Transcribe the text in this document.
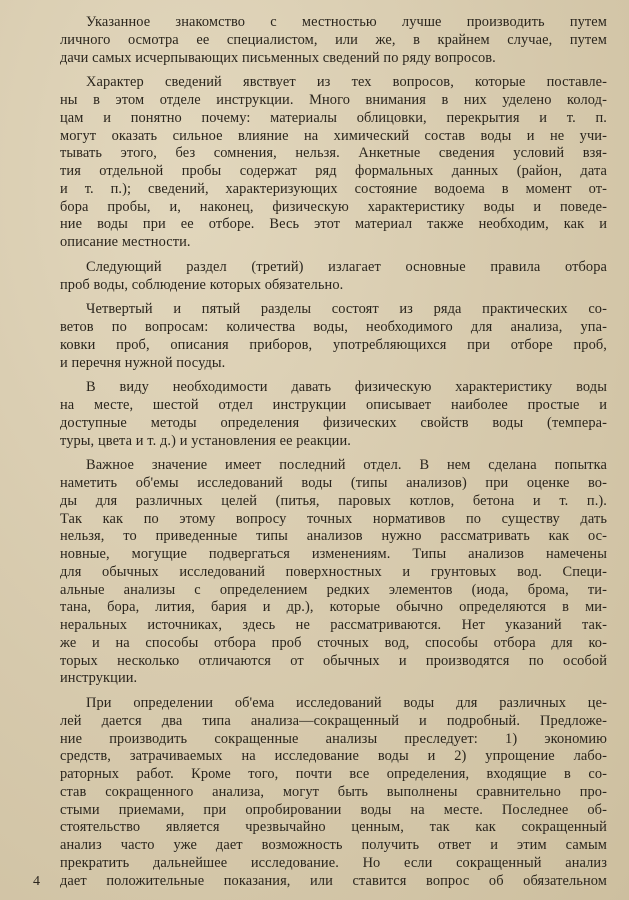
Указанное знакомство с местностью лучше производить путем
личного осмотра ее специалистом, или же, в крайнем случае, путем
дачи самых исчерпывающих письменных сведений по ряду вопросов.
Характер сведений явствует из тех вопросов, которые поставле-
ны в этом отделе инструкции. Много внимания в них уделено колод-
цам и понятно почему: материалы облицовки, перекрытия и т. п.
могут оказать сильное влияние на химический состав воды и не учи-
тывать этого, без сомнения, нельзя. Анкетные сведения условий взя-
тия отдельной пробы содержат ряд формальных данных (район, дата
и т. п.); сведений, характеризующих состояние водоема в момент от-
бора пробы, и, наконец, физическую характеристику воды и поведе-
ние воды при ее отборе. Весь этот материал также необходим, как и
описание местности.
Следующий раздел (третий) излагает основные правила отбора
проб воды, соблюдение которых обязательно.
Четвертый и пятый разделы состоят из ряда практических со-
ветов по вопросам: количества воды, необходимого для анализа, упа-
ковки проб, описания приборов, употребляющихся при отборе проб,
и перечня нужной посуды.
В виду необходимости давать физическую характеристику воды
на месте, шестой отдел инструкции описывает наиболее простые и
доступные методы определения физических свойств воды (темпера-
туры, цвета и т. д.) и установления ее реакции.
Важное значение имеет последний отдел. В нем сделана попытка
наметить об'емы исследований воды (типы анализов) при оценке во-
ды для различных целей (питья, паровых котлов, бетона и т. п.).
Так как по этому вопросу точных нормативов по существу дать
нельзя, то приведенные типы анализов нужно рассматривать как ос-
новные, могущие подвергаться изменениям. Типы анализов намечены
для обычных исследований поверхностных и грунтовых вод. Специ-
альные анализы с определением редких элементов (иода, брома, ти-
тана, бора, лития, бария и др.), которые обычно определяются в ми-
неральных источниках, здесь не рассматриваются. Нет указаний так-
же и на способы отбора проб сточных вод, способы отбора для ко-
торых несколько отличаются от обычных и производятся по особой
инструкции.
При определении об'ема исследований воды для различных це-
лей дается два типа анализа—сокращенный и подробный. Предложе-
ние производить сокращенные анализы преследует: 1) экономию
средств, затрачиваемых на исследование воды и 2) упрощение лабо-
раторных работ. Кроме того, почти все определения, входящие в со-
став сокращенного анализа, могут быть выполнены сравнительно про-
стыми приемами, при опробировании воды на месте. Последнее об-
стоятельство является чрезвычайно ценным, так как сокращенный
анализ часто уже дает возможность получить ответ и этим самым
прекратить дальнейшее исследование. Но если сокращенный анализ
дает положительные показания, или ставится вопрос об обязательном
4
